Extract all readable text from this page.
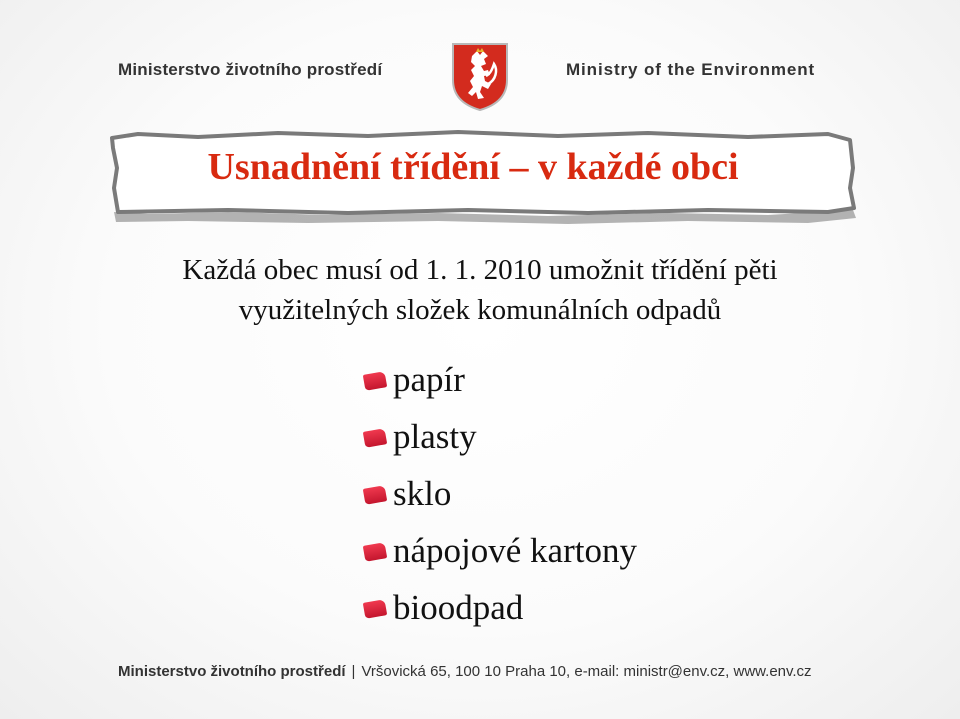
Ministerstvo životního prostředí	Ministry of the Environment
Usnadnění třídění – v každé obci
Každá obec musí od 1. 1. 2010 umožnit třídění pěti
využitelných složek komunálních odpadů
papír
plasty
sklo
nápojové kartony
bioodpad
Ministerstvo životního prostředí | Vršovická 65, 100 10 Praha 10, e-mail: ministr@env.cz, www.env.cz
